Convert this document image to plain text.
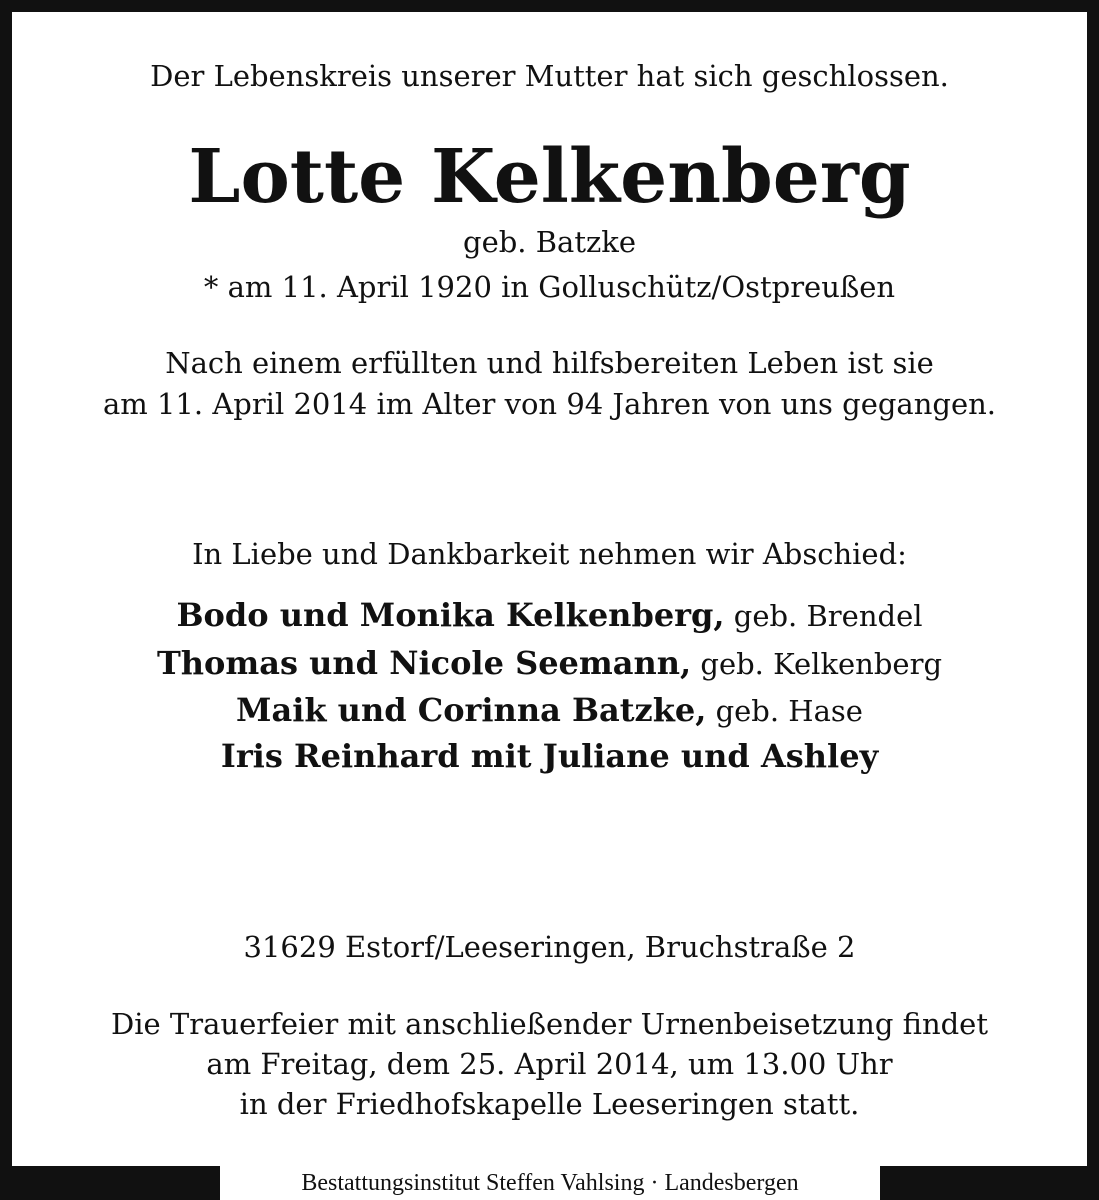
Der Lebenskreis unserer Mutter hat sich geschlossen.
Lotte Kelkenberg
geb. Batzke
* am 11. April 1920 in Golluschütz/Ostpreußen
Nach einem erfüllten und hilfsbereiten Leben ist sie
am 11. April 2014 im Alter von 94 Jahren von uns gegangen.
In Liebe und Dankbarkeit nehmen wir Abschied:
Bodo und Monika Kelkenberg, geb. Brendel
Thomas und Nicole Seemann, geb. Kelkenberg
Maik und Corinna Batzke, geb. Hase
Iris Reinhard mit Juliane und Ashley
31629 Estorf/Leeseringen, Bruchstraße 2
Die Trauerfeier mit anschließender Urnenbeisetzung findet
am Freitag, dem 25. April 2014, um 13.00 Uhr
in der Friedhofskapelle Leeseringen statt.
Bestattungsinstitut Steffen Vahlsing · Landesbergen
